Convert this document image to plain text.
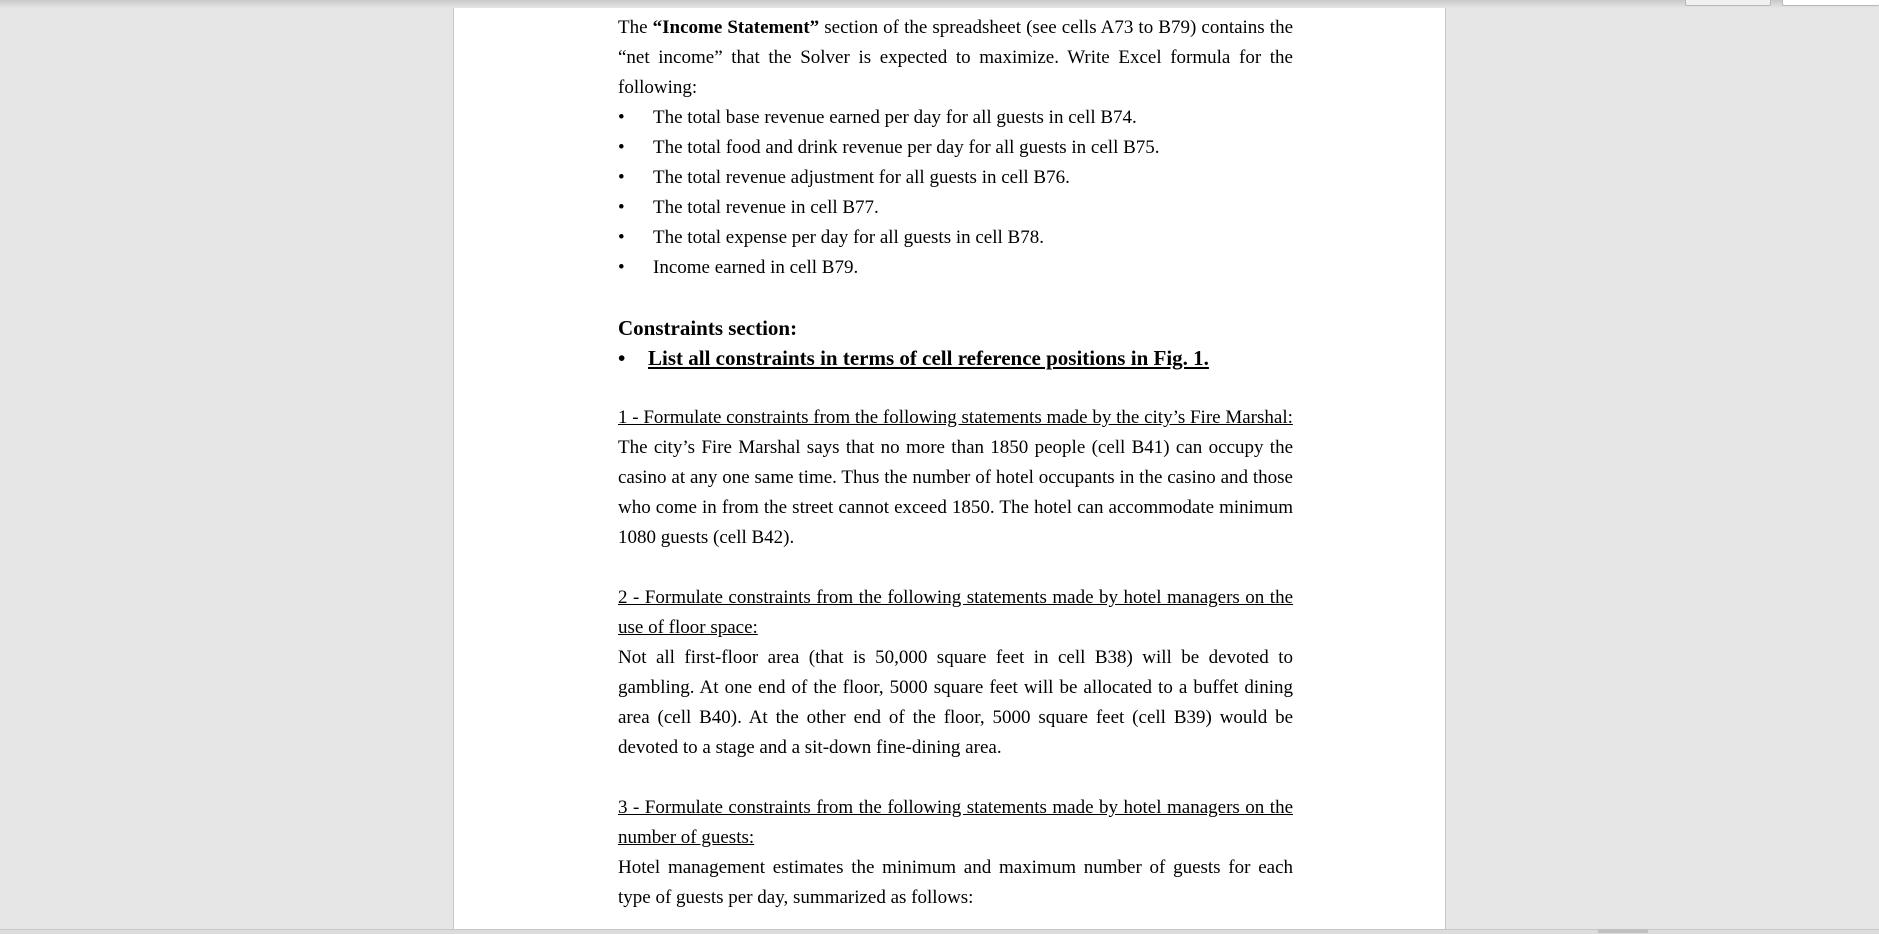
The “Income Statement” section of the spreadsheet (see cells A73 to B79) contains the “net income” that the Solver is expected to maximize. Write Excel formula for the following:

• The total base revenue earned per day for all guests in cell B74.
• The total food and drink revenue per day for all guests in cell B75.
• The total revenue adjustment for all guests in cell B76.
• The total revenue in cell B77.
• The total expense per day for all guests in cell B78.
• Income earned in cell B79.
Constraints section:
• List all constraints in terms of cell reference positions in Fig. 1.

1 - Formulate constraints from the following statements made by the city’s Fire Marshal:

The city’s Fire Marshal says that no more than 1850 people (cell B41) can occupy the casino at any one same time. Thus the number of hotel occupants in the casino and those who come in from the street cannot exceed 1850. The hotel can accommodate minimum 1080 guests (cell B42).

2 - Formulate constraints from the following statements made by hotel managers on the use of floor space:

Not all first-floor area (that is 50,000 square feet in cell B38) will be devoted to gambling. At one end of the floor, 5000 square feet will be allocated to a buffet dining area (cell B40). At the other end of the floor, 5000 square feet (cell B39) would be devoted to a stage and a sit-down fine-dining area.

3 - Formulate constraints from the following statements made by hotel managers on the number of guests:

Hotel management estimates the minimum and maximum number of guests for each type of guests per day, summarized as follows:
